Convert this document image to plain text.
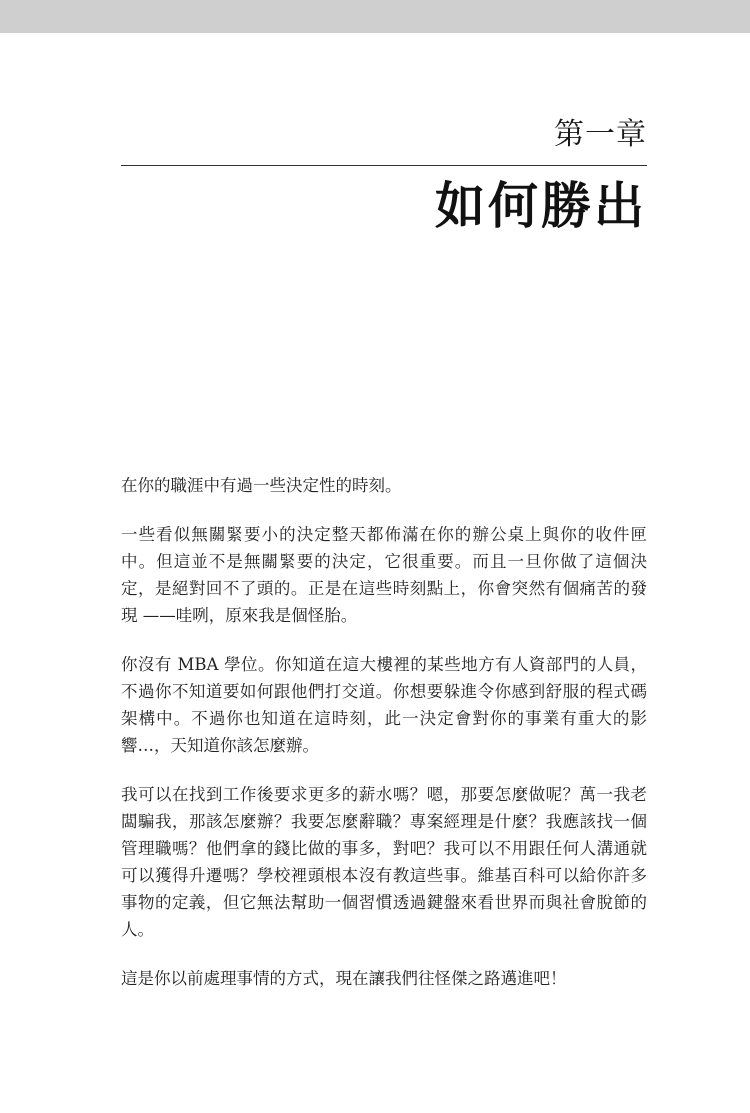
第一章
如何勝出

在你的職涯中有過一些決定性的時刻。

一些看似無關緊要小的決定整天都佈滿在你的辦公桌上與你的收件匣中。但這並不是無關緊要的決定，它很重要。而且一旦你做了這個決定，是絕對回不了頭的。正是在這些時刻點上，你會突然有個痛苦的發現 ——哇咧，原來我是個怪胎。

你沒有 MBA 學位。你知道在這大樓裡的某些地方有人資部門的人員，不過你不知道要如何跟他們打交道。你想要躲進令你感到舒服的程式碼架構中。不過你也知道在這時刻，此一決定會對你的事業有重大的影響…，天知道你該怎麼辦。

我可以在找到工作後要求更多的薪水嗎？嗯，那要怎麼做呢？萬一我老闆騙我，那該怎麼辦？我要怎麼辭職？專案經理是什麼？我應該找一個管理職嗎？他們拿的錢比做的事多，對吧？我可以不用跟任何人溝通就可以獲得升遷嗎？學校裡頭根本沒有教這些事。維基百科可以給你許多事物的定義，但它無法幫助一個習慣透過鍵盤來看世界而與社會脫節的人。

這是你以前處理事情的方式，現在讓我們往怪傑之路邁進吧！
